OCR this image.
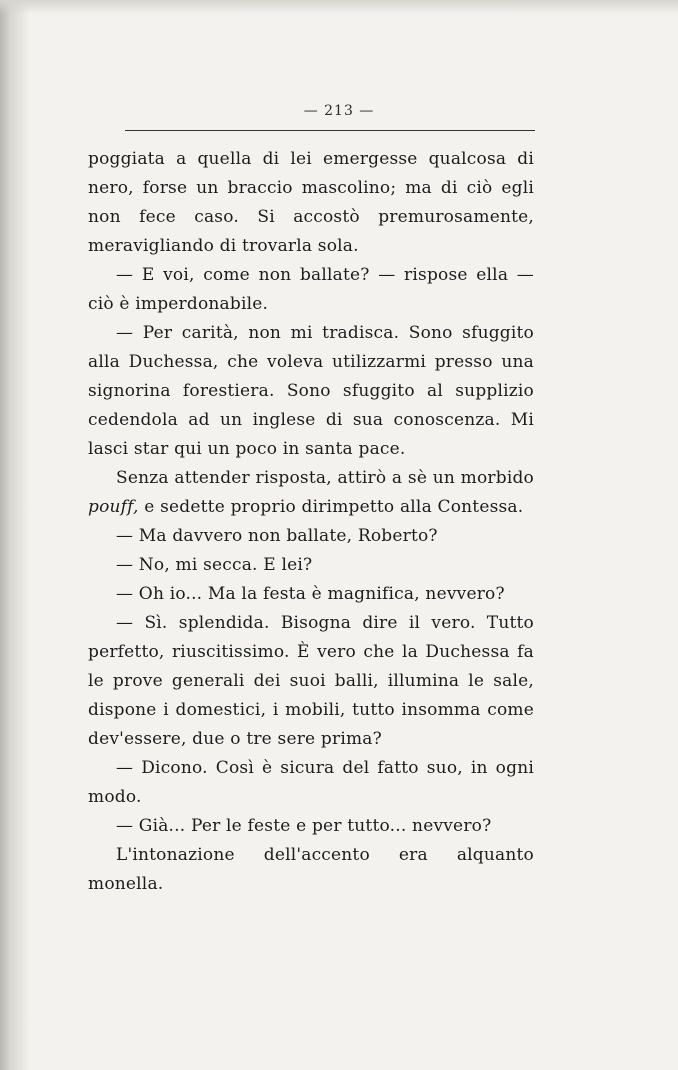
— 213 —

poggiata a quella di lei emergesse qualcosa di nero, forse un braccio mascolino; ma di ciò egli non fece caso. Si accostò premurosamente, meravigliando di trovarla sola.

— E voi, come non ballate? — rispose ella — ciò è imperdonabile.

— Per carità, non mi tradisca. Sono sfuggito alla Duchessa, che voleva utilizzarmi presso una signorina forestiera. Sono sfuggito al supplizio cedendola ad un inglese di sua conoscenza. Mi lasci star qui un poco in santa pace.

Senza attender risposta, attirò a sè un morbido pouff, e sedette proprio dirimpetto alla Contessa.

— Ma davvero non ballate, Roberto?

— No, mi secca. E lei?

— Oh io... Ma la festa è magnifica, nevvero?

— Sì. splendida. Bisogna dire il vero. Tutto perfetto, riuscitissimo. È vero che la Duchessa fa le prove generali dei suoi balli, illumina le sale, dispone i domestici, i mobili, tutto insomma come dev'essere, due o tre sere prima?

— Dicono. Così è sicura del fatto suo, in ogni modo.

— Già... Per le feste e per tutto... nevvero?

L'intonazione dell'accento era alquanto monella.
